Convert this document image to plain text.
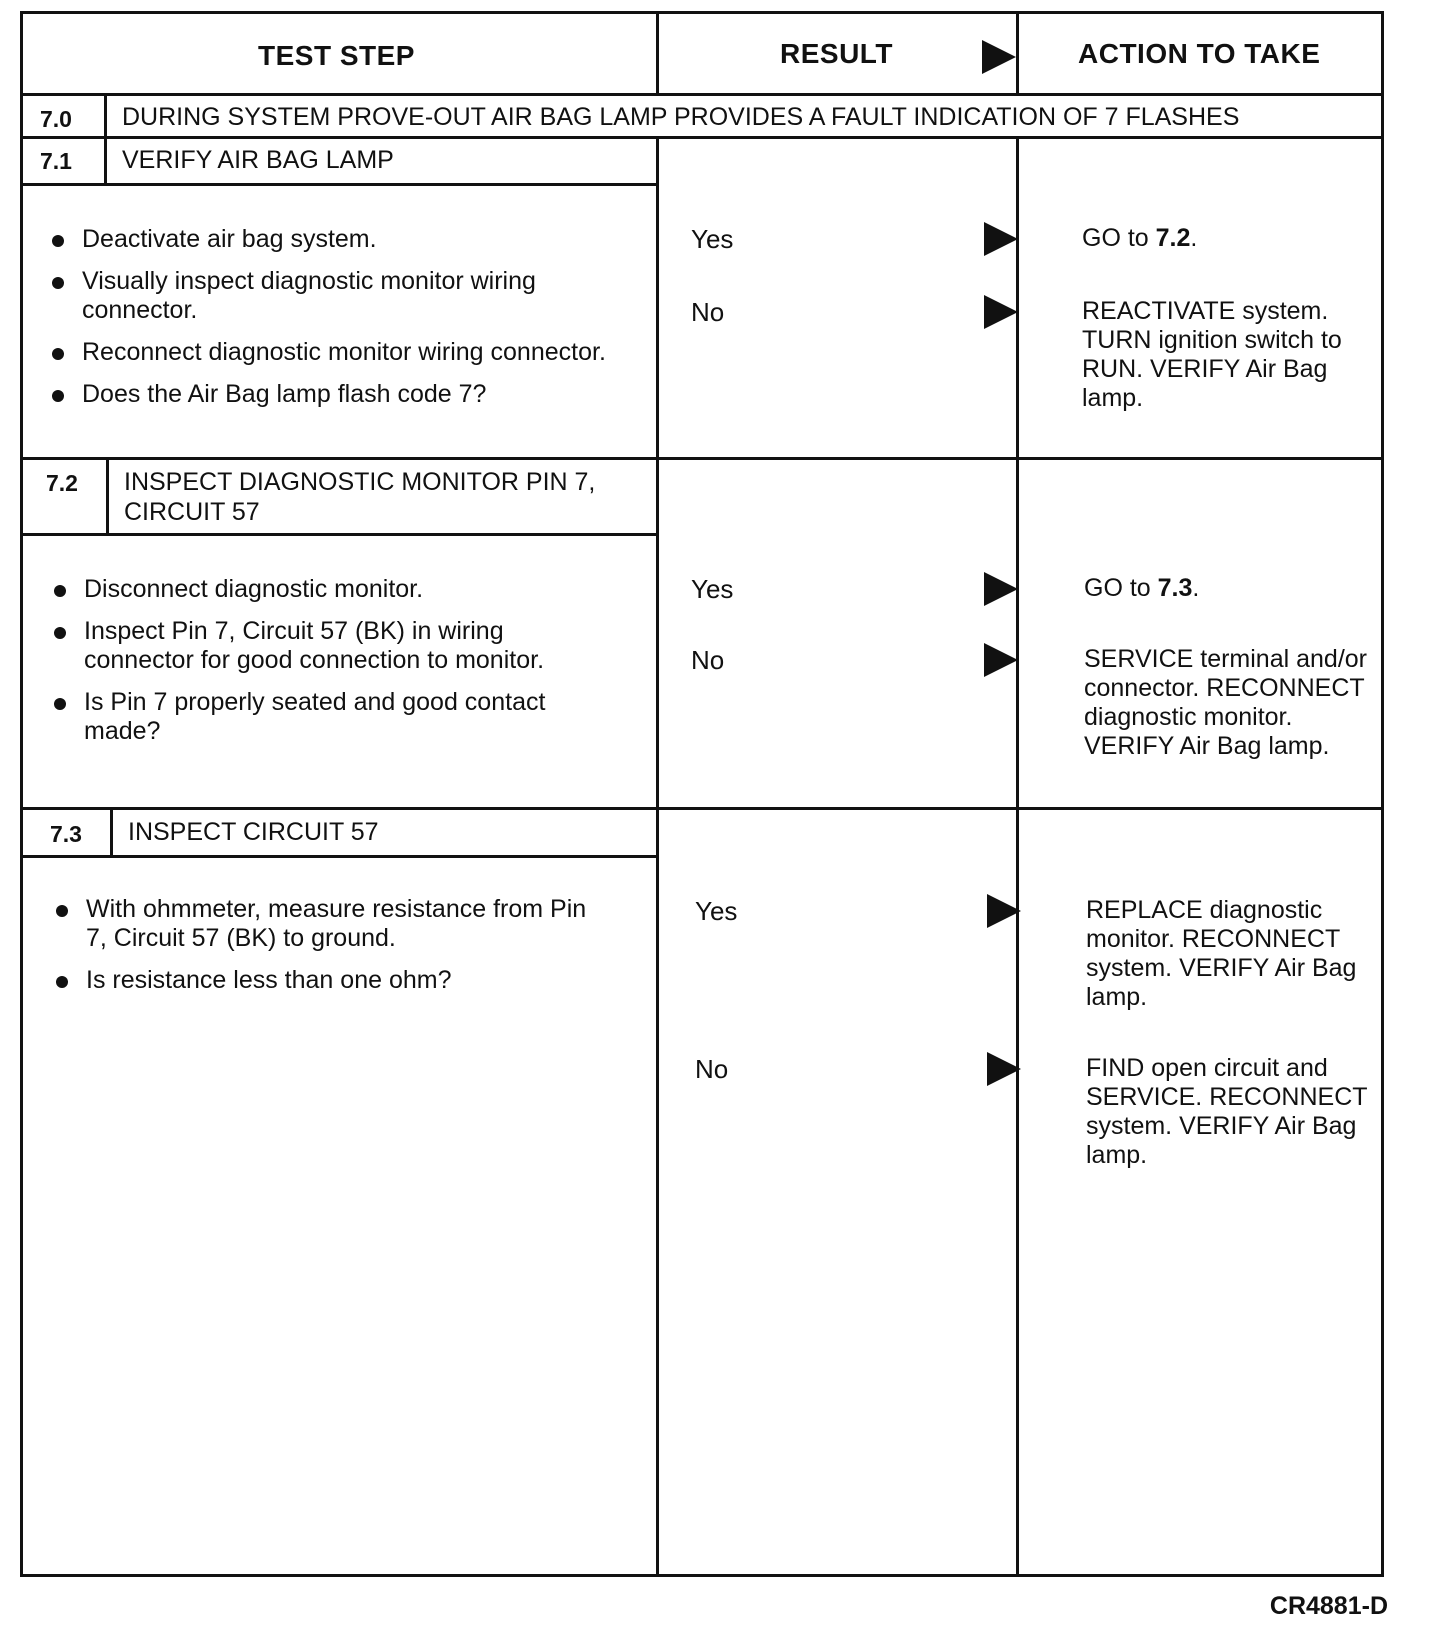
TEST STEP	RESULT	ACTION TO TAKE
7.0 DURING SYSTEM PROVE-OUT AIR BAG LAMP PROVIDES A FAULT INDICATION OF 7 FLASHES
7.1 VERIFY AIR BAG LAMP
Deactivate air bag system.
Visually inspect diagnostic monitor wiring connector.
Reconnect diagnostic monitor wiring connector.
Does the Air Bag lamp flash code 7?
Yes	GO to 7.2.
No	REACTIVATE system. TURN ignition switch to RUN. VERIFY Air Bag lamp.
7.2 INSPECT DIAGNOSTIC MONITOR PIN 7, CIRCUIT 57
Disconnect diagnostic monitor.
Inspect Pin 7, Circuit 57 (BK) in wiring connector for good connection to monitor.
Is Pin 7 properly seated and good contact made?
Yes	GO to 7.3.
No	SERVICE terminal and/or connector. RECONNECT diagnostic monitor. VERIFY Air Bag lamp.
7.3 INSPECT CIRCUIT 57
With ohmmeter, measure resistance from Pin 7, Circuit 57 (BK) to ground.
Is resistance less than one ohm?
Yes	REPLACE diagnostic monitor. RECONNECT system. VERIFY Air Bag lamp.
No	FIND open circuit and SERVICE. RECONNECT system. VERIFY Air Bag lamp.
CR4881-D
